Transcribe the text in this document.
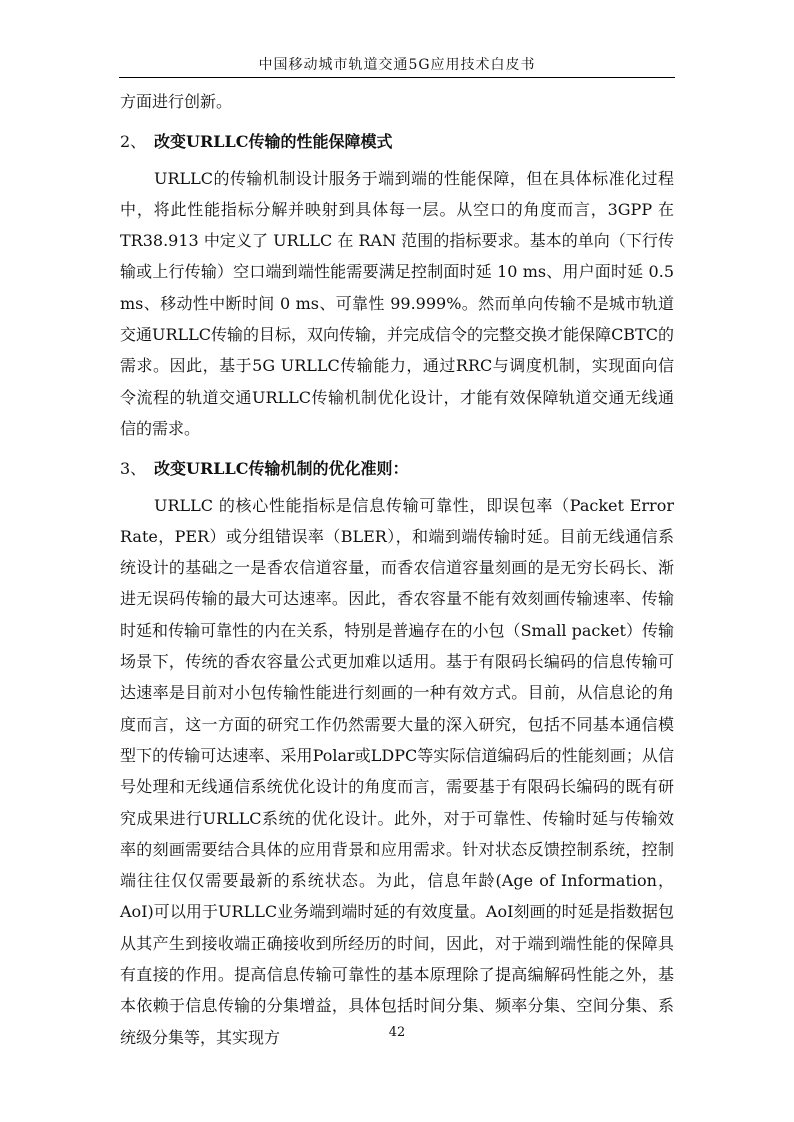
中国移动城市轨道交通5G应用技术白皮书

方面进行创新。

2、 改变URLLC传输的性能保障模式

URLLC的传输机制设计服务于端到端的性能保障，但在具体标准化过程中，将此性能指标分解并映射到具体每一层。从空口的角度而言，3GPP 在TR38.913 中定义了 URLLC 在 RAN 范围的指标要求。基本的单向（下行传输或上行传输）空口端到端性能需要满足控制面时延 10 ms、用户面时延 0.5 ms、移动性中断时间 0 ms、可靠性 99.999%。然而单向传输不是城市轨道交通URLLC传输的目标，双向传输，并完成信令的完整交换才能保障CBTC的需求。因此，基于5G URLLC传输能力，通过RRC与调度机制，实现面向信令流程的轨道交通URLLC传输机制优化设计，才能有效保障轨道交通无线通信的需求。

3、 改变URLLC传输机制的优化准则：

URLLC 的核心性能指标是信息传输可靠性，即误包率（Packet Error Rate，PER）或分组错误率（BLER），和端到端传输时延。目前无线通信系统设计的基础之一是香农信道容量，而香农信道容量刻画的是无穷长码长、渐进无误码传输的最大可达速率。因此，香农容量不能有效刻画传输速率、传输时延和传输可靠性的内在关系，特别是普遍存在的小包（Small packet）传输场景下，传统的香农容量公式更加难以适用。基于有限码长编码的信息传输可达速率是目前对小包传输性能进行刻画的一种有效方式。目前，从信息论的角度而言，这一方面的研究工作仍然需要大量的深入研究，包括不同基本通信模型下的传输可达速率、采用Polar或LDPC等实际信道编码后的性能刻画；从信号处理和无线通信系统优化设计的角度而言，需要基于有限码长编码的既有研究成果进行URLLC系统的优化设计。此外，对于可靠性、传输时延与传输效率的刻画需要结合具体的应用背景和应用需求。针对状态反馈控制系统，控制端往往仅仅需要最新的系统状态。为此，信息年龄(Age of Information，AoI)可以用于URLLC业务端到端时延的有效度量。AoI刻画的时延是指数据包从其产生到接收端正确接收到所经历的时间，因此，对于端到端性能的保障具有直接的作用。提高信息传输可靠性的基本原理除了提高编解码性能之外，基本依赖于信息传输的分集增益，具体包括时间分集、频率分集、空间分集、系统级分集等，其实现方	42
